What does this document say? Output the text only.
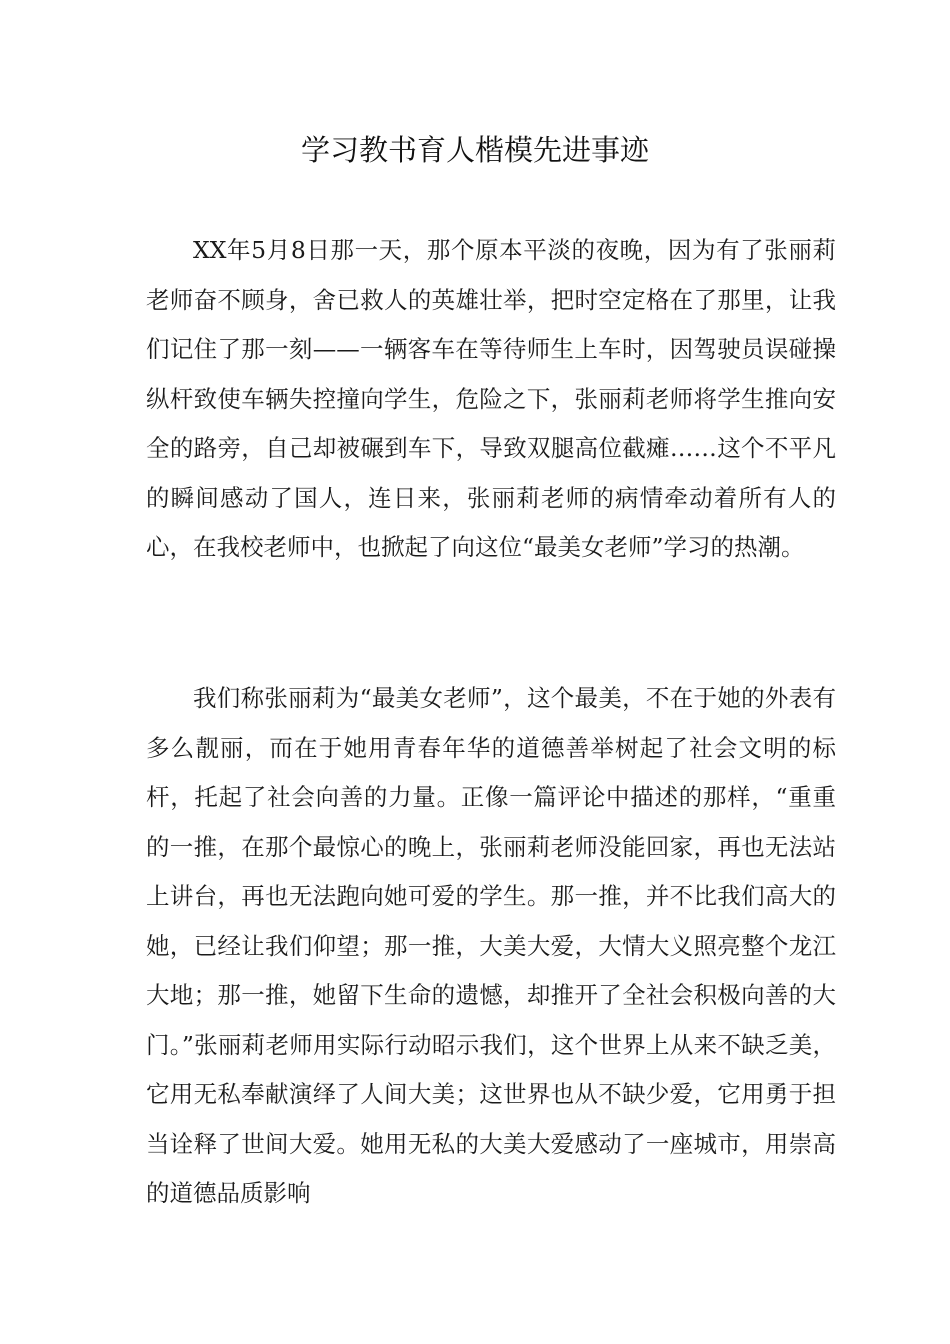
学习教书育人楷模先进事迹

XX年5月8日那一天，那个原本平淡的夜晚，因为有了张丽莉老师奋不顾身，舍已救人的英雄壮举，把时空定格在了那里，让我们记住了那一刻——一辆客车在等待师生上车时，因驾驶员误碰操纵杆致使车辆失控撞向学生，危险之下，张丽莉老师将学生推向安全的路旁，自己却被碾到车下，导致双腿高位截瘫……这个不平凡的瞬间感动了国人，连日来，张丽莉老师的病情牵动着所有人的心，在我校老师中，也掀起了向这位“最美女老师”学习的热潮。

我们称张丽莉为“最美女老师”，这个最美，不在于她的外表有多么靓丽，而在于她用青春年华的道德善举树起了社会文明的标杆，托起了社会向善的力量。正像一篇评论中描述的那样，“重重的一推，在那个最惊心的晚上，张丽莉老师没能回家，再也无法站上讲台，再也无法跑向她可爱的学生。那一推，并不比我们高大的她，已经让我们仰望；那一推，大美大爱，大情大义照亮整个龙江大地；那一推，她留下生命的遗憾，却推开了全社会积极向善的大门。”张丽莉老师用实际行动昭示我们，这个世界上从来不缺乏美，它用无私奉献演绎了人间大美；这世界也从不缺少爱，它用勇于担当诠释了世间大爱。她用无私的大美大爱感动了一座城市，用崇高的道德品质影响
